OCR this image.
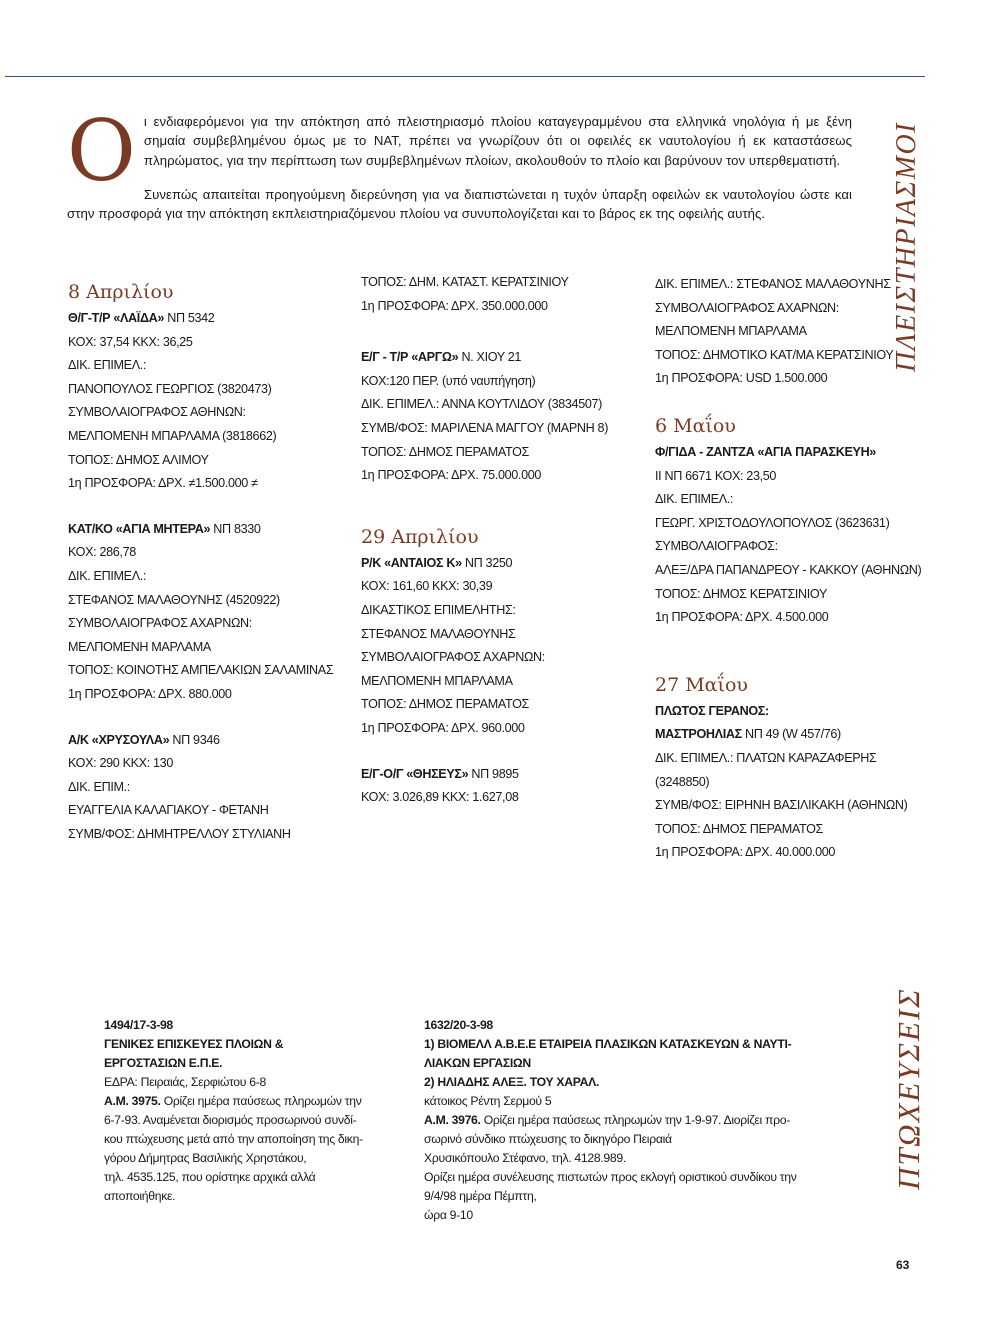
Οι ενδιαφερόμενοι για την απόκτηση από πλειστηριασμό πλοίου καταγεγραμμένου στα ελληνικά νηολόγια ή με ξένη σημαία συμβεβλημένου όμως με το ΝΑΤ, πρέπει να γνωρίζουν ότι οι οφειλές εκ ναυτολογίου ή εκ καταστάσεως πληρώματος, για την περίπτωση των συμβεβλημένων πλοίων, ακολουθούν το πλοίο και βαρύνουν τον υπερθεματιστή.

Συνεπώς απαιτείται προηγούμενη διερεύνηση για να διαπιστώνεται η τυχόν ύπαρξη οφειλών εκ ναυτολογίου ώστε και στην προσφορά για την απόκτηση εκπλειστηριαζόμενου πλοίου να συνυπολογίζεται και το βάρος εκ της οφειλής αυτής.	ΠΛΕΙΣΤΗΡΙΑΣΜΟΙ
ΠΤΩΧΕΥΣΕΙΣ
8 Απριλίου
Θ/Γ-Τ/Ρ «ΛΑΪΔΑ» ΝΠ 5342
ΚΟΧ: 37,54 ΚΚΧ: 36,25
ΔΙΚ. ΕΠΙΜΕΛ.:
ΠΑΝΟΠΟΥΛΟΣ ΓΕΩΡΓΙΟΣ (3820473)
ΣΥΜΒΟΛΑΙΟΓΡΑΦΟΣ ΑΘΗΝΩΝ:
ΜΕΛΠΟΜΕΝΗ ΜΠΑΡΛΑΜΑ (3818662)
ΤΟΠΟΣ: ΔΗΜΟΣ ΑΛΙΜΟΥ
1η ΠΡΟΣΦΟΡΑ: ΔΡΧ. ≠1.500.000 ≠
ΚΑΤ/ΚΟ «ΑΓΙΑ ΜΗΤΕΡΑ» ΝΠ 8330
ΚΟΧ: 286,78
ΔΙΚ. ΕΠΙΜΕΛ.:
ΣΤΕΦΑΝΟΣ ΜΑΛΑΘΟΥΝΗΣ (4520922)
ΣΥΜΒΟΛΑΙΟΓΡΑΦΟΣ ΑΧΑΡΝΩΝ:
ΜΕΛΠΟΜΕΝΗ ΜΑΡΛΑΜΑ
ΤΟΠΟΣ: ΚΟΙΝΟΤΗΣ ΑΜΠΕΛΑΚΙΩΝ ΣΑΛΑΜΙΝΑΣ
1η ΠΡΟΣΦΟΡΑ: ΔΡΧ. 880.000
Α/Κ «ΧΡΥΣΟΥΛΑ» ΝΠ 9346
ΚΟΧ: 290 ΚΚΧ: 130
ΔΙΚ. ΕΠΙΜ.:
ΕΥΑΓΓΕΛΙΑ ΚΑΛΑΓΙΑΚΟΥ - ΦΕΤΑΝΗ
ΣΥΜΒ/ΦΟΣ: ΔΗΜΗΤΡΕΛΛΟΥ ΣΤΥΛΙΑΝΗ
ΤΟΠΟΣ: ΔΗΜ. ΚΑΤΑΣΤ. ΚΕΡΑΤΣΙΝΙΟΥ
1η ΠΡΟΣΦΟΡΑ: ΔΡΧ. 350.000.000
Ε/Γ - Τ/Ρ «ΑΡΓΩ» Ν. ΧΙΟΥ 21
ΚΟΧ:120 ΠΕΡ. (υπό ναυπήγηση)
ΔΙΚ. ΕΠΙΜΕΛ.: ΑΝΝΑ ΚΟΥΤΛΙΔΟΥ (3834507)
ΣΥΜΒ/ΦΟΣ: ΜΑΡΙΛΕΝΑ ΜΑΓΓΟΥ (ΜΑΡΝΗ 8)
ΤΟΠΟΣ: ΔΗΜΟΣ ΠΕΡΑΜΑΤΟΣ
1η ΠΡΟΣΦΟΡΑ: ΔΡΧ. 75.000.000
29 Απριλίου
Ρ/Κ «ΑΝΤΑΙΟΣ Κ» ΝΠ 3250
ΚΟΧ: 161,60 ΚΚΧ: 30,39
ΔΙΚΑΣΤΙΚΟΣ ΕΠΙΜΕΛΗΤΗΣ:
ΣΤΕΦΑΝΟΣ ΜΑΛΑΘΟΥΝΗΣ
ΣΥΜΒΟΛΑΙΟΓΡΑΦΟΣ ΑΧΑΡΝΩΝ:
ΜΕΛΠΟΜΕΝΗ ΜΠΑΡΛΑΜΑ
ΤΟΠΟΣ: ΔΗΜΟΣ ΠΕΡΑΜΑΤΟΣ
1η ΠΡΟΣΦΟΡΑ: ΔΡΧ. 960.000
Ε/Γ-Ο/Γ «ΘΗΣΕΥΣ» ΝΠ 9895
ΚΟΧ: 3.026,89 ΚΚΧ: 1.627,08
ΔΙΚ. ΕΠΙΜΕΛ.: ΣΤΕΦΑΝΟΣ ΜΑΛΑΘΟΥΝΗΣ
ΣΥΜΒΟΛΑΙΟΓΡΑΦΟΣ ΑΧΑΡΝΩΝ:
ΜΕΛΠΟΜΕΝΗ ΜΠΑΡΛΑΜΑ
ΤΟΠΟΣ: ΔΗΜΟΤΙΚΟ ΚΑΤ/ΜΑ ΚΕΡΑΤΣΙΝΙΟΥ
1η ΠΡΟΣΦΟΡΑ: USD 1.500.000
6 Μαΐου
Φ/ΓΙΔΑ - ΖΑΝΤΖΑ «ΑΓΙΑ ΠΑΡΑΣΚΕΥΗ»
ΙΙ ΝΠ 6671 ΚΟΧ: 23,50
ΔΙΚ. ΕΠΙΜΕΛ.:
ΓΕΩΡΓ. ΧΡΙΣΤΟΔΟΥΛΟΠΟΥΛΟΣ (3623631)
ΣΥΜΒΟΛΑΙΟΓΡΑΦΟΣ:
ΑΛΕΞ/ΔΡΑ ΠΑΠΑΝΔΡΕΟΥ - ΚΑΚΚΟΥ (ΑΘΗΝΩΝ)
ΤΟΠΟΣ: ΔΗΜΟΣ ΚΕΡΑΤΣΙΝΙΟΥ
1η ΠΡΟΣΦΟΡΑ: ΔΡΧ. 4.500.000
27 Μαΐου
ΠΛΩΤΟΣ ΓΕΡΑΝΟΣ:
ΜΑΣΤΡΟΗΛΙΑΣ ΝΠ 49 (W 457/76)
ΔΙΚ. ΕΠΙΜΕΛ.: ΠΛΑΤΩΝ ΚΑΡΑΖΑΦΕΡΗΣ
(3248850)
ΣΥΜΒ/ΦΟΣ: ΕΙΡΗΝΗ ΒΑΣΙΛΙΚΑΚΗ (ΑΘΗΝΩΝ)
ΤΟΠΟΣ: ΔΗΜΟΣ ΠΕΡΑΜΑΤΟΣ
1η ΠΡΟΣΦΟΡΑ: ΔΡΧ. 40.000.000
1494/17-3-98
ΓΕΝΙΚΕΣ ΕΠΙΣΚΕΥΕΣ ΠΛΟΙΩΝ &
ΕΡΓΟΣΤΑΣΙΩΝ Ε.Π.Ε.
ΕΔΡΑ: Πειραιάς, Σερφιώτου 6-8
Α.Μ. 3975. Ορίζει ημέρα παύσεως πληρωμών την
6-7-93. Αναμένεται διορισμός προσωρινού συνδί-
κου πτώχευσης μετά από την αποποίηση της δικη-
γόρου Δήμητρας Βασιλικής Χρηστάκου,
τηλ. 4535.125, που ορίστηκε αρχικά αλλά
αποποιήθηκε.
1632/20-3-98
1) ΒΙΟΜΕΛΛ Α.Β.Ε.Ε ΕΤΑΙΡΕΙΑ ΠΛΑΣΙΚΩΝ ΚΑΤΑΣΚΕΥΩΝ & ΝΑΥΤΙ-
ΛΙΑΚΩΝ ΕΡΓΑΣΙΩΝ
2) ΗΛΙΑΔΗΣ ΑΛΕΞ. ΤΟΥ ΧΑΡΑΛ.
κάτοικος Ρέντη Σερμού 5
Α.Μ. 3976. Ορίζει ημέρα παύσεως πληρωμών την 1-9-97. Διορίζει προ-
σωρινό σύνδικο πτώχευσης το δικηγόρο Πειραιά
Χρυσικόπουλο Στέφανο, τηλ. 4128.989.
Ορίζει ημέρα συνέλευσης πιστωτών προς εκλογή οριστικού συνδίκου την
9/4/98 ημέρα Πέμπτη,
ώρα 9-10
63
